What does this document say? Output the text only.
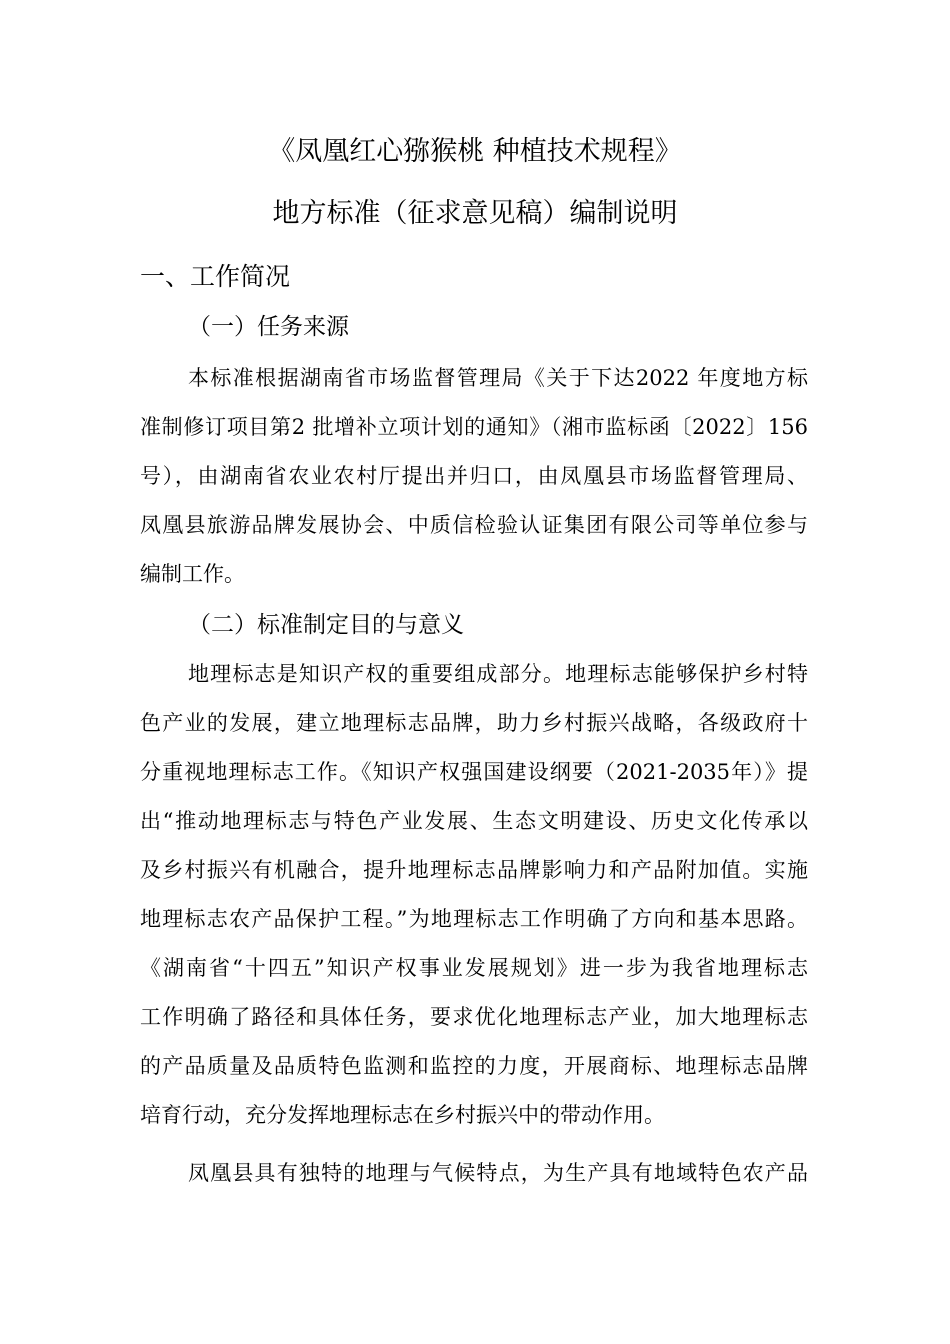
《凤凰红心猕猴桃 种植技术规程》
地方标准（征求意见稿）编制说明
一、工作简况
（一）任务来源
本标准根据湖南省市场监督管理局《关于下达2022 年度地方标
准制修订项目第2 批增补立项计划的通知》（湘市监标函〔2022〕156
号），由湖南省农业农村厅提出并归口，由凤凰县市场监督管理局、
凤凰县旅游品牌发展协会、中质信检验认证集团有限公司等单位参与
编制工作。
（二）标准制定目的与意义
地理标志是知识产权的重要组成部分。地理标志能够保护乡村特
色产业的发展，建立地理标志品牌，助力乡村振兴战略，各级政府十
分重视地理标志工作。《知识产权强国建设纲要（2021-2035年）》提
出“推动地理标志与特色产业发展、生态文明建设、历史文化传承以
及乡村振兴有机融合，提升地理标志品牌影响力和产品附加值。实施
地理标志农产品保护工程。”为地理标志工作明确了方向和基本思路。
《湖南省“十四五”知识产权事业发展规划》进一步为我省地理标志
工作明确了路径和具体任务，要求优化地理标志产业，加大地理标志
的产品质量及品质特色监测和监控的力度，开展商标、地理标志品牌
培育行动，充分发挥地理标志在乡村振兴中的带动作用。
凤凰县具有独特的地理与气候特点，为生产具有地域特色农产品
